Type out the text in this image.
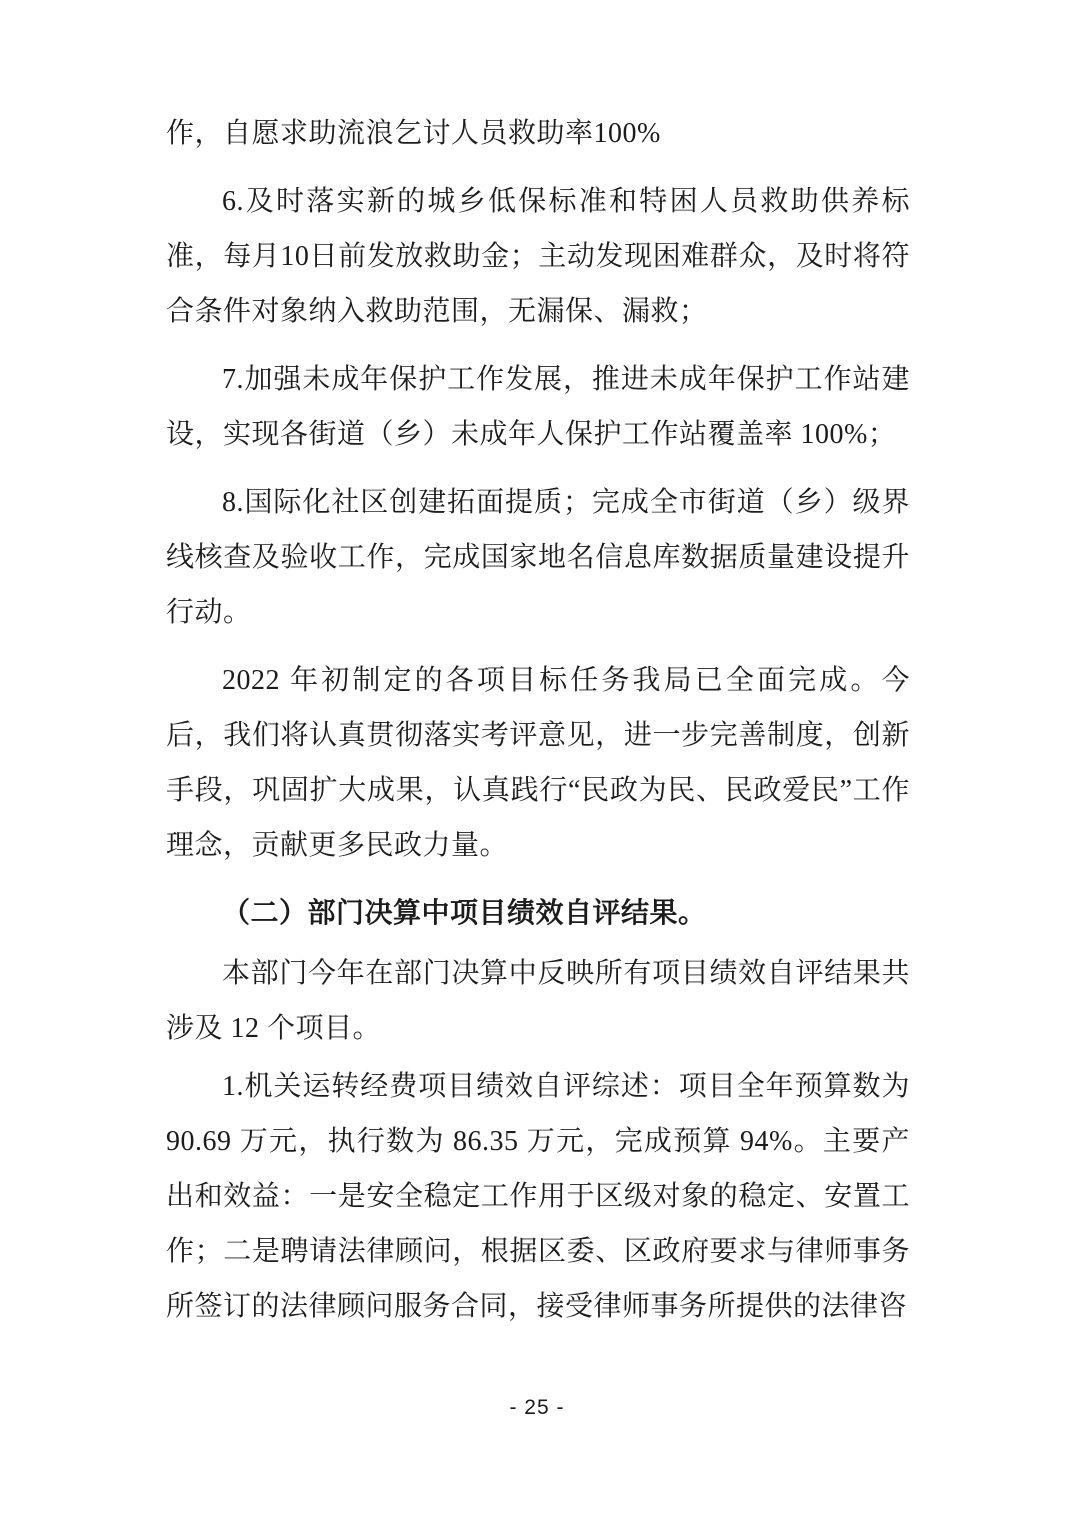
作，自愿求助流浪乞讨人员救助率100%

6.及时落实新的城乡低保标准和特困人员救助供养标准，每月10日前发放救助金；主动发现困难群众，及时将符合条件对象纳入救助范围，无漏保、漏救；

7.加强未成年保护工作发展，推进未成年保护工作站建设，实现各街道（乡）未成年人保护工作站覆盖率 100%；

8.国际化社区创建拓面提质；完成全市街道（乡）级界线核查及验收工作，完成国家地名信息库数据质量建设提升行动。

2022 年初制定的各项目标任务我局已全面完成。今后，我们将认真贯彻落实考评意见，进一步完善制度，创新手段，巩固扩大成果，认真践行“民政为民、民政爱民”工作理念，贡献更多民政力量。

（二）部门决算中项目绩效自评结果。

本部门今年在部门决算中反映所有项目绩效自评结果共涉及 12 个项目。

1.机关运转经费项目绩效自评综述：项目全年预算数为 90.69 万元，执行数为 86.35 万元，完成预算 94%。主要产出和效益：一是安全稳定工作用于区级对象的稳定、安置工作；二是聘请法律顾问，根据区委、区政府要求与律师事务所签订的法律顾问服务合同，接受律师事务所提供的法律咨

- 25 -
